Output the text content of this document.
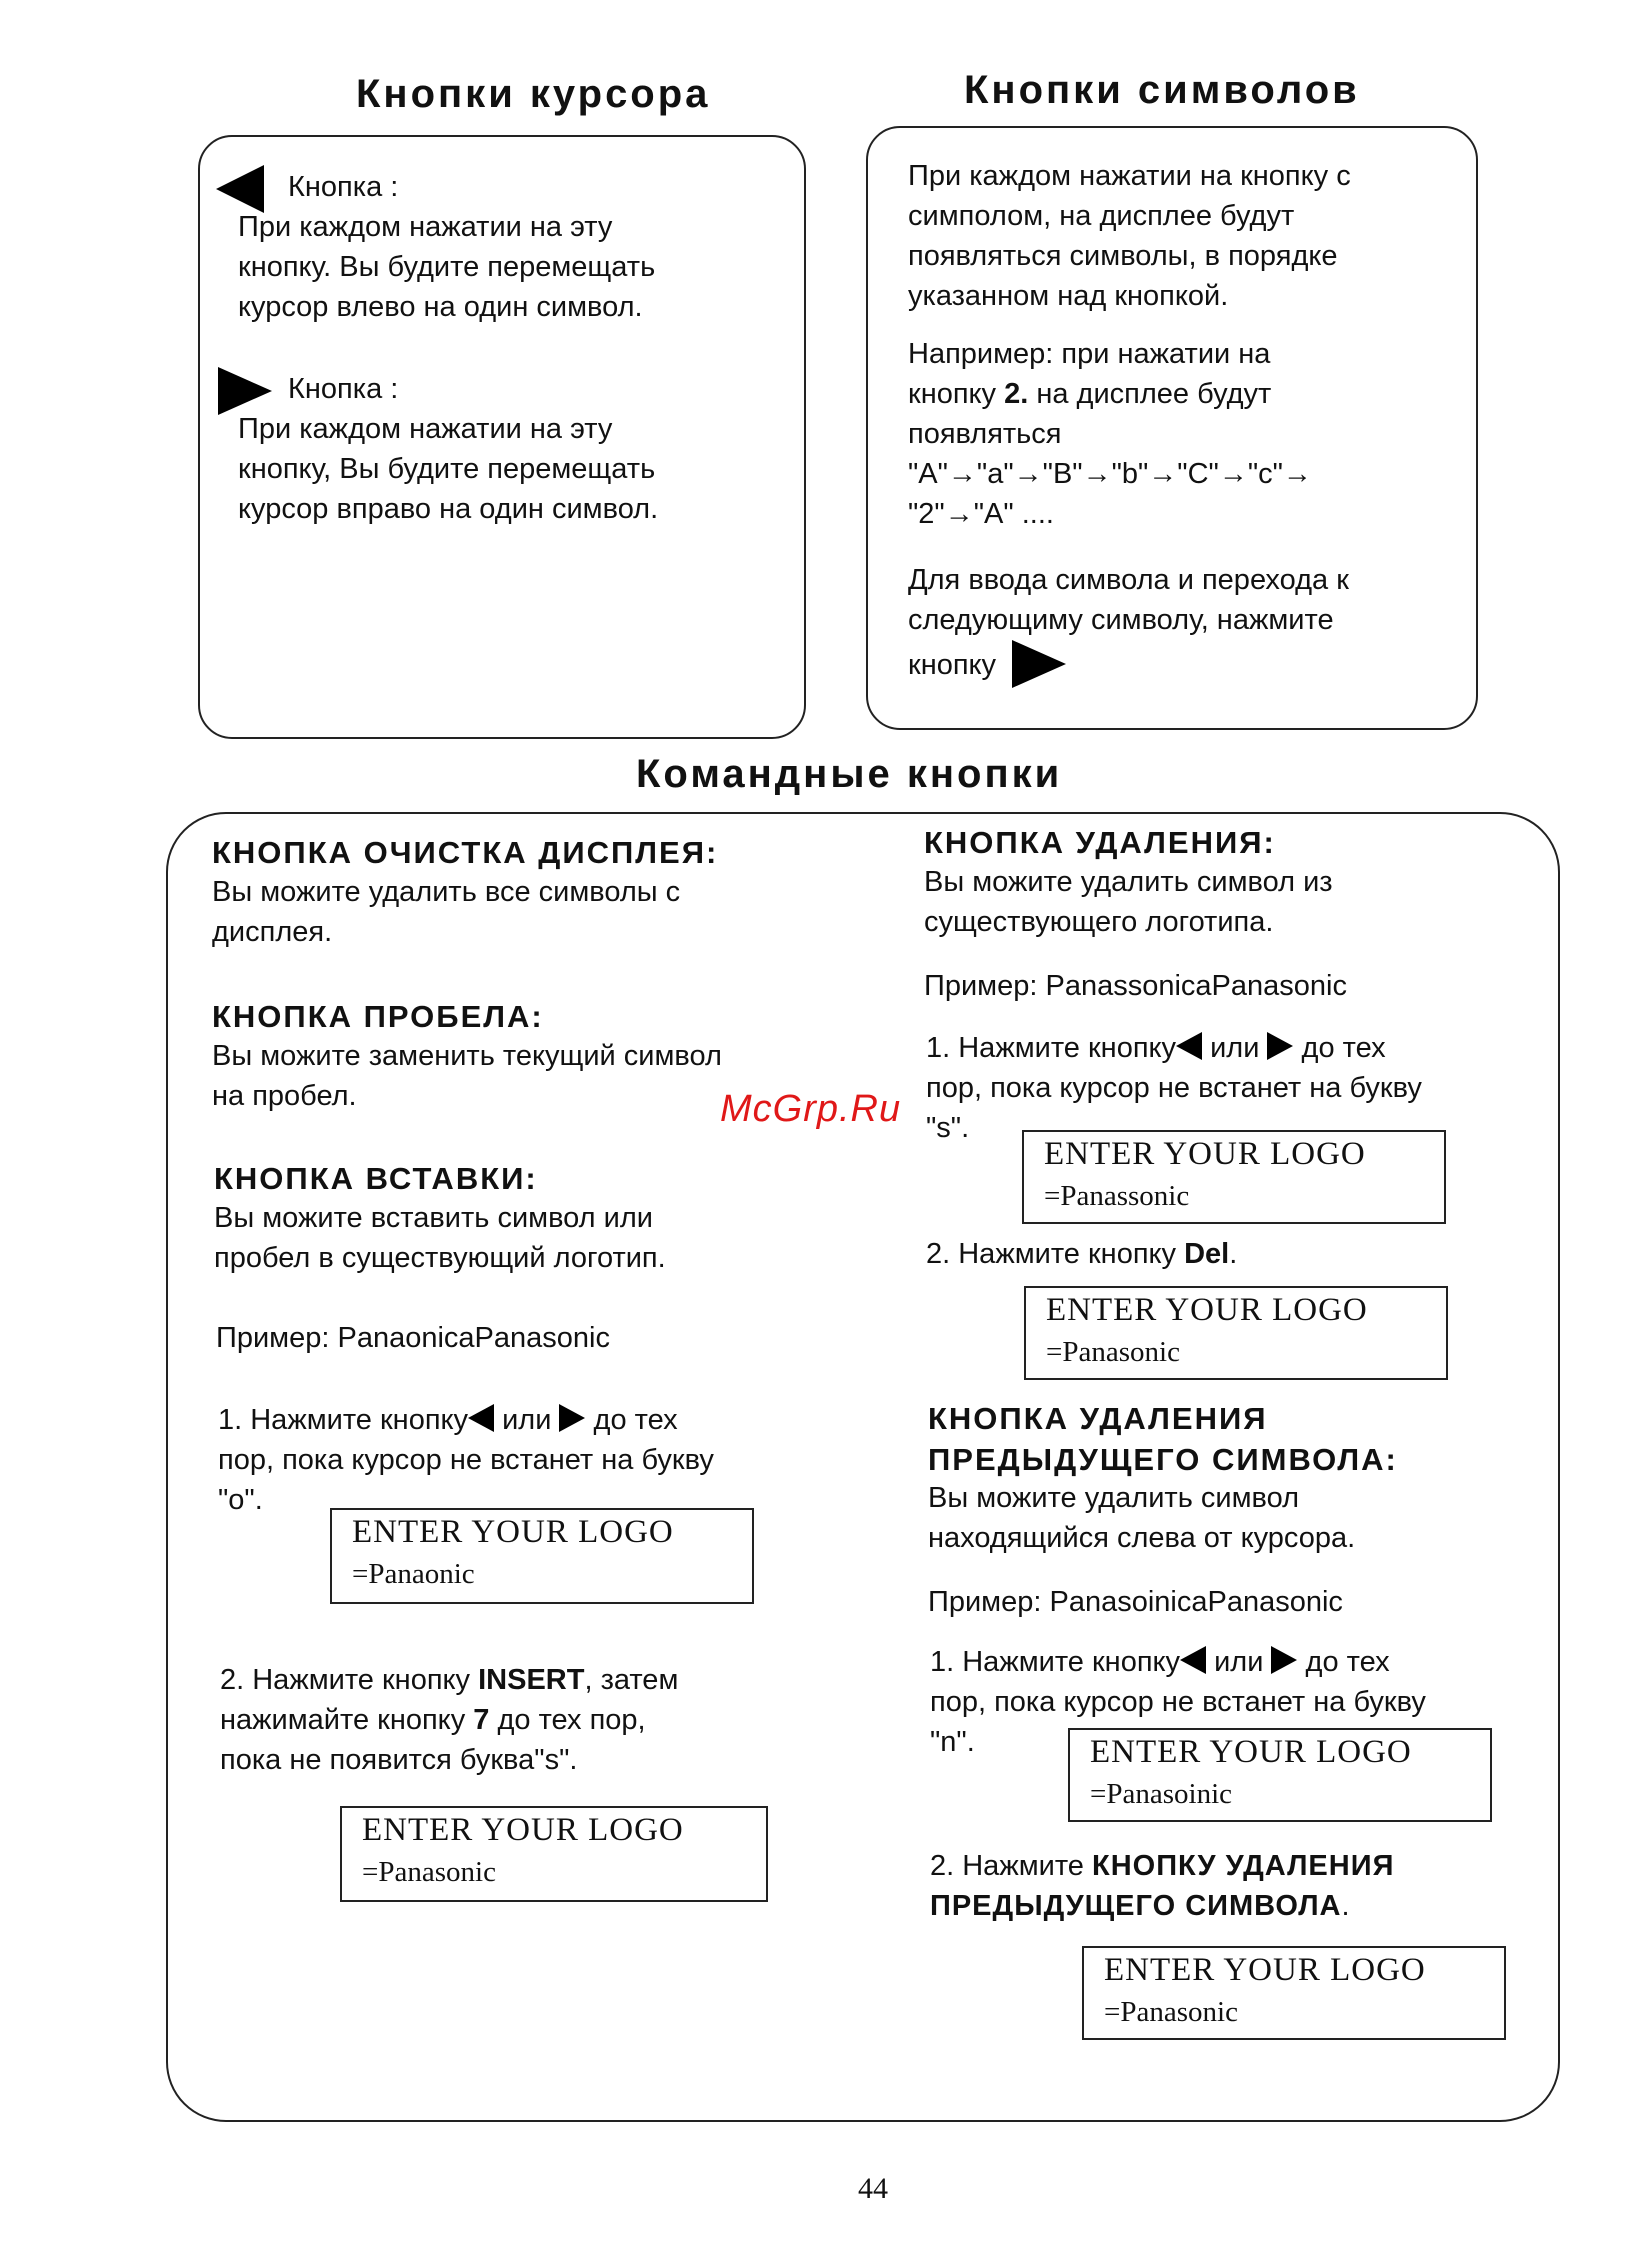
Кнопки курсора	Кнопки символов
Кнопка :
При каждом нажатии на эту
кнопку. Вы будите перемещать
курсор влево на один символ.
Кнопка :
При каждом нажатии на эту
кнопку, Вы будите перемещать
курсор вправо на один символ.
При каждом нажатии на кнопку с
симполом, на дисплее будут
появляться символы, в порядке
указанном над кнопкой.
Например: при нажатии на
кнопку 2. на дисплее будут
появляться
"A"→"a"→"B"→"b"→"C"→"c"→
"2"→"A" ....
Для ввода символа и перехода к
следующиму символу, нажмите
кнопку
Командные кнопки
КНОПКА ОЧИСТКА ДИСПЛЕЯ:
Вы можите удалить все символы с
дисплея.
КНОПКА ПРОБЕЛА:
Вы можите заменить текущий символ
на пробел.
КНОПКА ВСТАВКИ:
Вы можите вставить символ или
пробел в существующий логотип.
Пример: PanaonicaPanasonic
1. Нажмите кнопку или  до тех
пор, пока курсор не встанет на букву
"о".
ENTER YOUR LOGO
=Panaonic
2. Нажмите кнопку INSERT, затем
нажимайте кнопку 7 до тех пор,
пока не появится буква"s".
ENTER YOUR LOGO
=Panasonic
КНОПКА УДАЛЕНИЯ:
Вы можите удалить символ из
существующего логотипа.
Пример: PanassonicaPanasonic
1. Нажмите кнопку или  до тех
пор, пока курсор не встанет на букву
"s".
ENTER YOUR LOGO
=Panassonic
2. Нажмите кнопку Del.
ENTER YOUR LOGO
=Panasonic
КНОПКА УДАЛЕНИЯ
ПРЕДЫДУЩЕГО СИМВОЛА:
Вы можите удалить символ
находящийся слева от курсора.
Пример: PanasoinicaPanasonic
1. Нажмите кнопку или  до тех
пор, пока курсор не встанет на букву
"n".	ENTER YOUR LOGO
=Panasoinic
2. Нажмите КНОПКУ УДАЛЕНИЯ
ПРЕДЫДУЩЕГО СИМВОЛА.
ENTER YOUR LOGO
=Panasonic
McGrp.Ru
44
